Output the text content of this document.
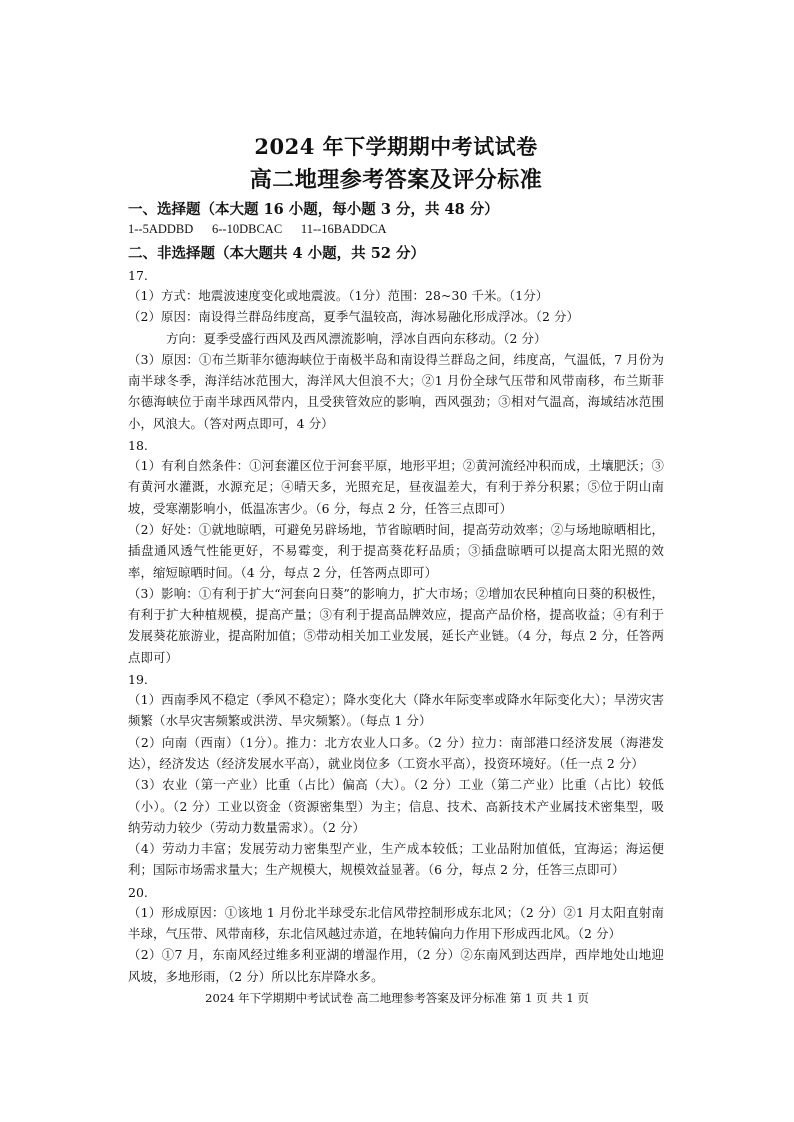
2024 年下学期期中考试试卷
高二地理参考答案及评分标准
一、选择题（本大题 16 小题，每小题 3 分，共 48 分）
1--5ADDBD      6--10DBCAC      11--16BADDCA
二、非选择题（本大题共 4 小题，共 52 分）
17.

（1）方式：地震波速度变化或地震波。（1分）范围：28~30 千米。（1分）

（2）原因：南设得兰群岛纬度高，夏季气温较高，海冰易融化形成浮冰。（2 分）

方向：夏季受盛行西风及西风漂流影响，浮冰自西向东移动。（2 分）

（3）原因：①布兰斯菲尔德海峡位于南极半岛和南设得兰群岛之间，纬度高，气温低，7 月份为南半球冬季，海洋结冰范围大，海洋风大但浪不大；②1 月份全球气压带和风带南移，布兰斯菲尔德海峡位于南半球西风带内，且受狭管效应的影响，西风强劲；③相对气温高，海域结冰范围小，风浪大。（答对两点即可，4 分）

18.

（1）有利自然条件：①河套灌区位于河套平原，地形平坦；②黄河流经冲积而成，土壤肥沃；③有黄河水灌溉，水源充足；④晴天多，光照充足，昼夜温差大，有利于养分积累；⑤位于阴山南坡，受寒潮影响小，低温冻害少。（6 分，每点 2 分，任答三点即可）

（2）好处：①就地晾晒，可避免另辟场地，节省晾晒时间，提高劳动效率；②与场地晾晒相比，插盘通风透气性能更好，不易霉变，利于提高葵花籽品质；③插盘晾晒可以提高太阳光照的效率，缩短晾晒时间。（4 分，每点 2 分，任答两点即可）

（3）影响：①有利于扩大“河套向日葵”的影响力，扩大市场；②增加农民种植向日葵的积极性，有利于扩大种植规模，提高产量；③有利于提高品牌效应，提高产品价格，提高收益；④有利于发展葵花旅游业，提高附加值；⑤带动相关加工业发展，延长产业链。（4 分，每点 2 分，任答两点即可）

19.

（1）西南季风不稳定（季风不稳定）；降水变化大（降水年际变率或降水年际变化大）；旱涝灾害频繁（水旱灾害频繁或洪涝、旱灾频繁）。（每点 1 分）

（2）向南（西南）（1分）。推力：北方农业人口多。（2 分）拉力：南部港口经济发展（海港发达），经济发达（经济发展水平高），就业岗位多（工资水平高），投资环境好。（任一点 2 分）

（3）农业（第一产业）比重（占比）偏高（大）。（2 分）工业（第二产业）比重（占比）较低（小）。（2 分）工业以资金（资源密集型）为主；信息、技术、高新技术产业属技术密集型，吸纳劳动力较少（劳动力数量需求）。（2 分）

（4）劳动力丰富；发展劳动力密集型产业，生产成本较低；工业品附加值低，宜海运；海运便利；国际市场需求量大；生产规模大，规模效益显著。（6 分，每点 2 分，任答三点即可）

20.

（1）形成原因：①该地 1 月份北半球受东北信风带控制形成东北风；（2 分）②1 月太阳直射南半球，气压带、风带南移，东北信风越过赤道，在地转偏向力作用下形成西北风。（2 分）

（2）①7 月，东南风经过维多利亚湖的增湿作用，（2 分）②东南风到达西岸，西岸地处山地迎风坡，多地形雨，（2 分）所以比东岸降水多。

2024 年下学期期中考试试卷 高二地理参考答案及评分标准 第 1 页 共 1 页
